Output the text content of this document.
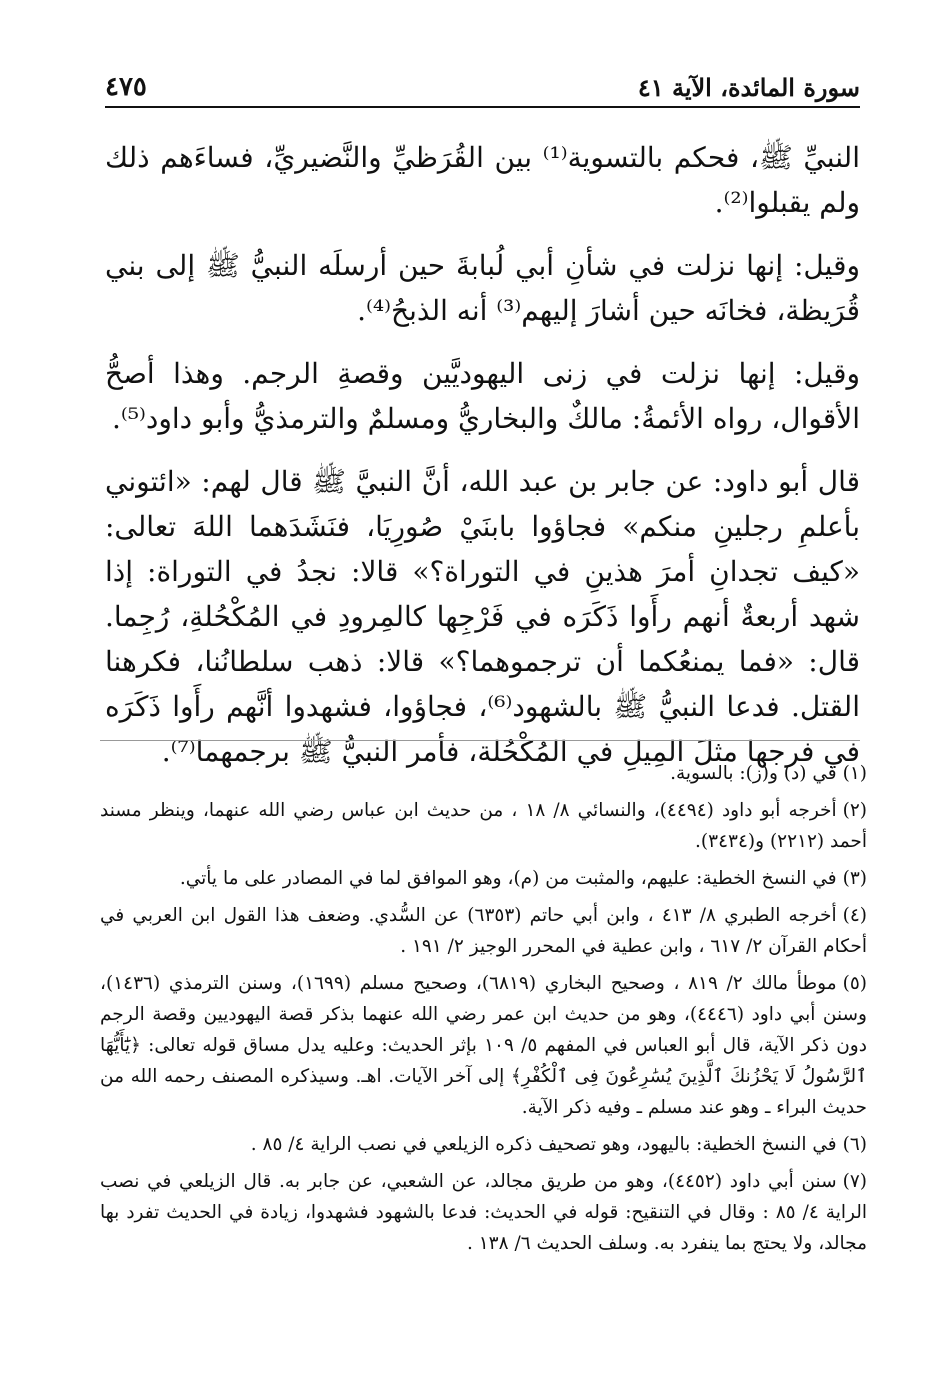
سورة المائدة، الآية ٤١
٤٧٥

النبيِّ ﷺ، فحكم بالتسوية⁽¹⁾ بين القُرَظيِّ والنَّضيريِّ، فساءَهم ذلك ولم يقبلوا⁽²⁾.

وقيل: إنها نزلت في شأنِ أبي لُبابةَ حين أرسلَه النبيُّ ﷺ إلى بني قُرَيظة، فخانَه حين أشارَ إليهم⁽³⁾ أنه الذبحُ⁽⁴⁾.

وقيل: إنها نزلت في زنى اليهوديَّين وقصةِ الرجم. وهذا أصحُّ الأقوال، رواه الأئمةُ: مالكٌ والبخاريُّ ومسلمٌ والترمذيُّ وأبو داود⁽⁵⁾.

قال أبو داود: عن جابر بن عبد الله، أنَّ النبيَّ ﷺ قال لهم: «ائتوني بأعلمِ رجلينِ منكم» فجاؤوا بابنَيْ صُورِيَا، فنَشَدَهما اللهَ تعالى: «كيف تجدانِ أمرَ هذينِ في التوراة؟» قالا: نجدُ في التوراة: إذا شهد أربعةٌ أنهم رأَوا ذَكَرَه في فَرْجِها كالمِرودِ في المُكْحُلةِ، رُجِما. قال: «فما يمنعُكما أن ترجموهما؟» قالا: ذهب سلطانُنا، فكرهنا القتل. فدعا النبيُّ ﷺ بالشهود⁽⁶⁾، فجاؤوا، فشهدوا أنَّهم رأَوا ذَكَرَه في فرجها مثلَ المِيلِ في المُكْحُلة، فأمر النبيُّ ﷺ برجمهما⁽⁷⁾.

(١)في (د) و(ز): بالسوية.

(٢)أخرجه أبو داود (٤٤٩٤)، والنسائي ٨/ ١٨ ، من حديث ابن عباس رضي الله عنهما، وينظر مسند أحمد (٢٢١٢) و(٣٤٣٤).

(٣)في النسخ الخطية: عليهم، والمثبت من (م)، وهو الموافق لما في المصادر على ما يأتي.

(٤)أخرجه الطبري ٨/ ٤١٣ ، وابن أبي حاتم (٦٣٥٣) عن السُّدي. وضعف هذا القول ابن العربي في أحكام القرآن ٢/ ٦١٧ ، وابن عطية في المحرر الوجيز ٢/ ١٩١ .

(٥)موطأ مالك ٢/ ٨١٩ ، وصحيح البخاري (٦٨١٩)، وصحيح مسلم (١٦٩٩)، وسنن الترمذي (١٤٣٦)، وسنن أبي داود (٤٤٤٦)، وهو من حديث ابن عمر رضي الله عنهما بذكر قصة اليهوديين وقصة الرجم دون ذكر الآية، قال أبو العباس في المفهم ٥/ ١٠٩ بإثر الحديث: وعليه يدل مساق قوله تعالى: ﴿يَٰٓأَيُّهَا ٱلرَّسُولُ لَا يَحْزُنكَ ٱلَّذِينَ يُسَٰرِعُونَ فِى ٱلْكُفْرِ﴾ إلى آخر الآيات. اهـ. وسيذكره المصنف رحمه الله من حديث البراء ـ وهو عند مسلم ـ وفيه ذكر الآية.

(٦)في النسخ الخطية: باليهود، وهو تصحيف ذكره الزيلعي في نصب الراية ٤/ ٨٥ .

(٧)سنن أبي داود (٤٤٥٢)، وهو من طريق مجالد، عن الشعبي، عن جابر به. قال الزيلعي في نصب الراية ٤/ ٨٥ : وقال في التنقيح: قوله في الحديث: فدعا بالشهود فشهدوا، زيادة في الحديث تفرد بها مجالد، ولا يحتج بما ينفرد به. وسلف الحديث ٦/ ١٣٨ .
